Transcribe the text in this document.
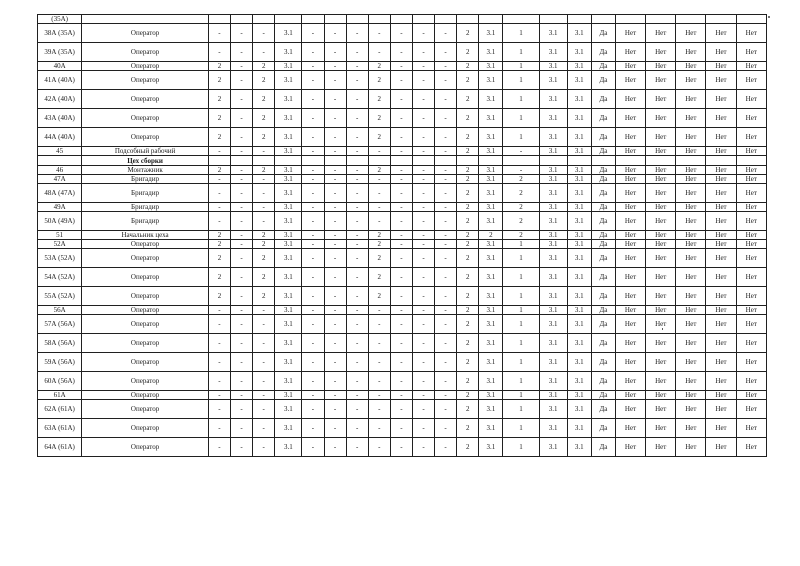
(35А)																							
38А (35А)	Оператор	-	-	-	3.1	-	-	-	-	-	-	-	2	3.1	1	3.1	3.1	Да	Нет	Нет	Нет	Нет	Нет
39А (35А)	Оператор	-	-	-	3.1	-	-	-	-	-	-	-	2	3.1	1	3.1	3.1	Да	Нет	Нет	Нет	Нет	Нет
40А	Оператор	2	-	2	3.1	-	-	-	2	-	-	-	2	3.1	1	3.1	3.1	Да	Нет	Нет	Нет	Нет	Нет
41А (40А)	Оператор	2	-	2	3.1	-	-	-	2	-	-	-	2	3.1	1	3.1	3.1	Да	Нет	Нет	Нет	Нет	Нет
42А (40А)	Оператор	2	-	2	3.1	-	-	-	2	-	-	-	2	3.1	1	3.1	3.1	Да	Нет	Нет	Нет	Нет	Нет
43А (40А)	Оператор	2	-	2	3.1	-	-	-	2	-	-	-	2	3.1	1	3.1	3.1	Да	Нет	Нет	Нет	Нет	Нет
44А (40А)	Оператор	2	-	2	3.1	-	-	-	2	-	-	-	2	3.1	1	3.1	3.1	Да	Нет	Нет	Нет	Нет	Нет
45	Подсобный рабочий	-	-	-	3.1	-	-	-	-	-	-	-	2	3.1	-	3.1	3.1	Да	Нет	Нет	Нет	Нет	Нет
	Цех сборки																						
46	Монтажник	2	-	2	3.1	-	-	-	2	-	-	-	2	3.1	-	3.1	3.1	Да	Нет	Нет	Нет	Нет	Нет
47А	Бригадир	-	-	-	3.1	-	-	-	-	-	-	-	2	3.1	2	3.1	3.1	Да	Нет	Нет	Нет	Нет	Нет
48А (47А)	Бригадир	-	-	-	3.1	-	-	-	-	-	-	-	2	3.1	2	3.1	3.1	Да	Нет	Нет	Нет	Нет	Нет
49А	Бригадир	-	-	-	3.1	-	-	-	-	-	-	-	2	3.1	2	3.1	3.1	Да	Нет	Нет	Нет	Нет	Нет
50А (49А)	Бригадир	-	-	-	3.1	-	-	-	-	-	-	-	2	3.1	2	3.1	3.1	Да	Нет	Нет	Нет	Нет	Нет
51	Начальник цеха	2	-	2	3.1	-	-	-	2	-	-	-	2	2	2	3.1	3.1	Да	Нет	Нет	Нет	Нет	Нет
52А	Оператор	2	-	2	3.1	-	-	-	2	-	-	-	2	3.1	1	3.1	3.1	Да	Нет	Нет	Нет	Нет	Нет
53А (52А)	Оператор	2	-	2	3.1	-	-	-	2	-	-	-	2	3.1	1	3.1	3.1	Да	Нет	Нет	Нет	Нет	Нет
54А (52А)	Оператор	2	-	2	3.1	-	-	-	2	-	-	-	2	3.1	1	3.1	3.1	Да	Нет	Нет	Нет	Нет	Нет
55А (52А)	Оператор	2	-	2	3.1	-	-	-	2	-	-	-	2	3.1	1	3.1	3.1	Да	Нет	Нет	Нет	Нет	Нет
56А	Оператор	-	-	-	3.1	-	-	-	-	-	-	-	2	3.1	1	3.1	3.1	Да	Нет	Нет	Нет	Нет	Нет
57А (56А)	Оператор	-	-	-	3.1	-	-	-	-	-	-	-	2	3.1	1	3.1	3.1	Да	Нет	Нет	Нет	Нет	Нет
58А (56А)	Оператор	-	-	-	3.1	-	-	-	-	-	-	-	2	3.1	1	3.1	3.1	Да	Нет	Нет	Нет	Нет	Нет
59А (56А)	Оператор	-	-	-	3.1	-	-	-	-	-	-	-	2	3.1	1	3.1	3.1	Да	Нет	Нет	Нет	Нет	Нет
60А (56А)	Оператор	-	-	-	3.1	-	-	-	-	-	-	-	2	3.1	1	3.1	3.1	Да	Нет	Нет	Нет	Нет	Нет
61А	Оператор	-	-	-	3.1	-	-	-	-	-	-	-	2	3.1	1	3.1	3.1	Да	Нет	Нет	Нет	Нет	Нет
62А (61А)	Оператор	-	-	-	3.1	-	-	-	-	-	-	-	2	3.1	1	3.1	3.1	Да	Нет	Нет	Нет	Нет	Нет
63А (61А)	Оператор	-	-	-	3.1	-	-	-	-	-	-	-	2	3.1	1	3.1	3.1	Да	Нет	Нет	Нет	Нет	Нет
64А (61А)	Оператор	-	-	-	3.1	-	-	-	-	-	-	-	2	3.1	1	3.1	3.1	Да	Нет	Нет	Нет	Нет	Нет
